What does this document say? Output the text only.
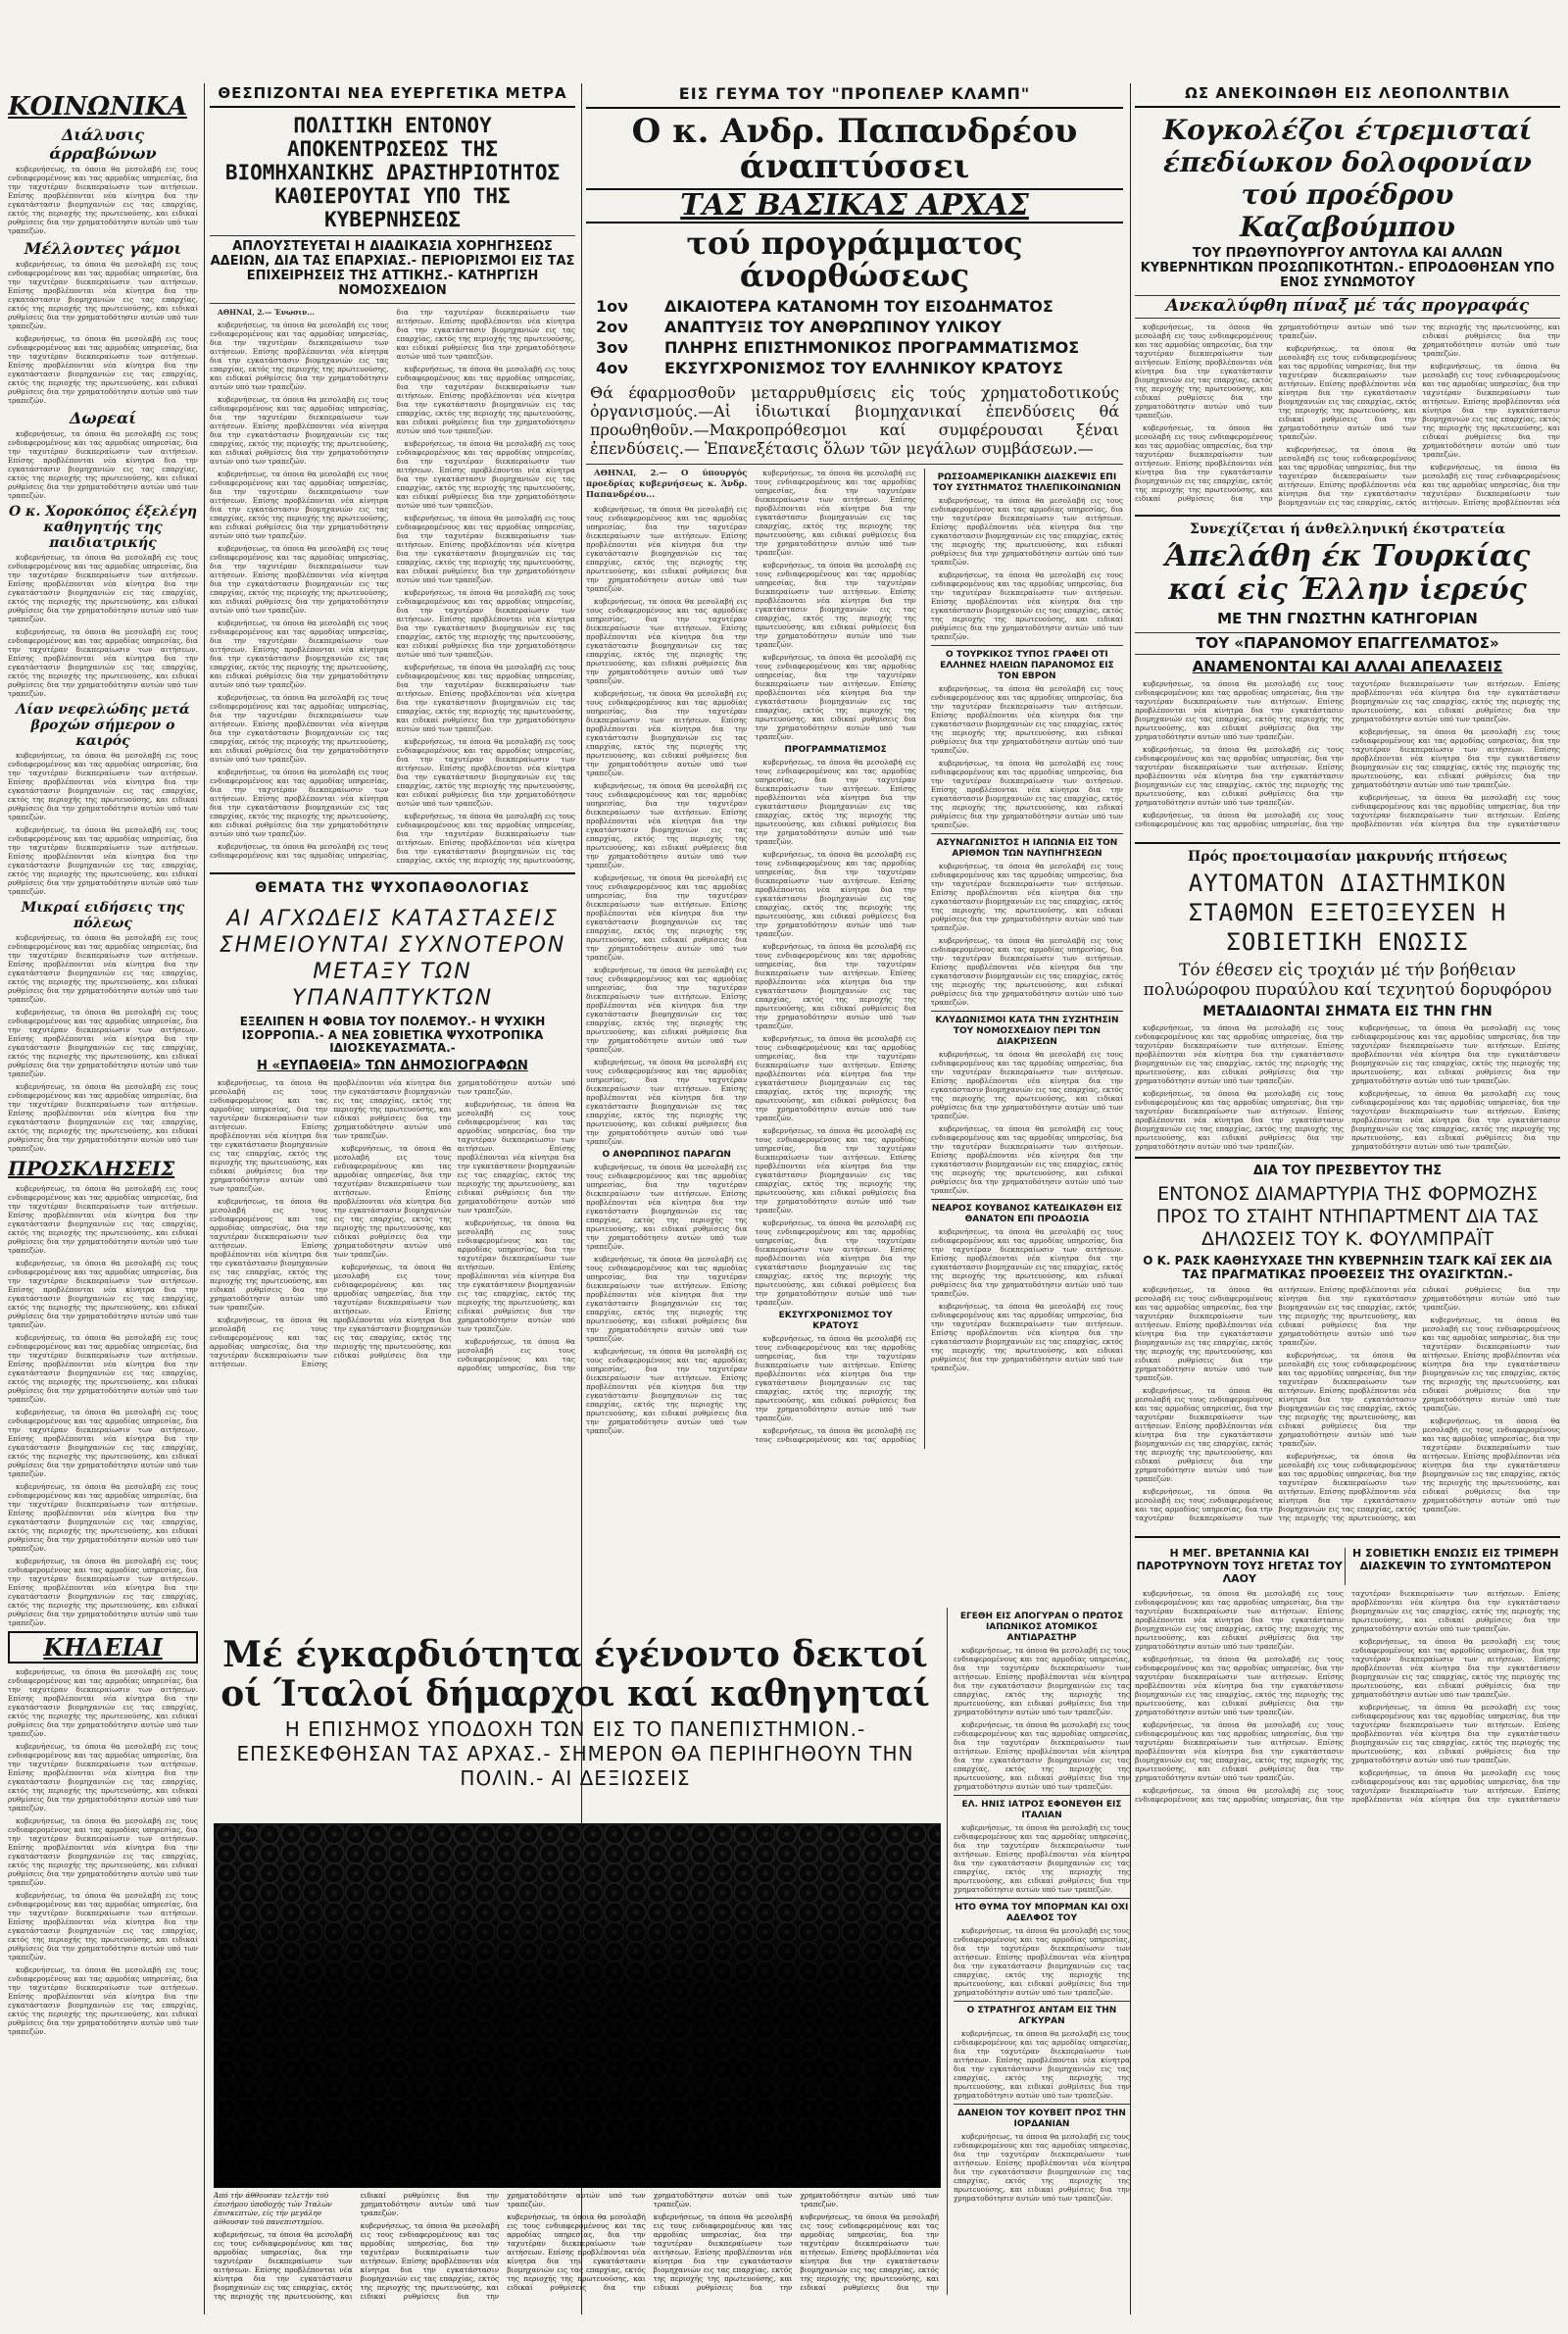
ΚΟΙΝΩΝΙΚΑ
Διάλυσις άρραβώνων

κυβερνήσεως, τα όποια θα μεσολαβή εις τους ενδιαφερομένους και τας αρμοδίας υπηρεσίας, δια την ταχυτέραν διεκπεραίωσιν των αιτήσεων. Επίσης προβλέπονται νέα κίνητρα δια την εγκατάστασιν βιομηχανιών εις τας επαρχίας, εκτός της περιοχής της πρωτευούσης, και ειδικαί ρυθμίσεις δια την χρηματοδότησιν αυτών υπό των τραπεζών.

Μέλλοντες γάμοι

κυβερνήσεως, τα όποια θα μεσολαβή εις τους ενδιαφερομένους και τας αρμοδίας υπηρεσίας, δια την ταχυτέραν διεκπεραίωσιν των αιτήσεων. Επίσης προβλέπονται νέα κίνητρα δια την εγκατάστασιν βιομηχανιών εις τας επαρχίας, εκτός της περιοχής της πρωτευούσης, και ειδικαί ρυθμίσεις δια την χρηματοδότησιν αυτών υπό των τραπεζών.

κυβερνήσεως, τα όποια θα μεσολαβή εις τους ενδιαφερομένους και τας αρμοδίας υπηρεσίας, δια την ταχυτέραν διεκπεραίωσιν των αιτήσεων. Επίσης προβλέπονται νέα κίνητρα δια την εγκατάστασιν βιομηχανιών εις τας επαρχίας, εκτός της περιοχής της πρωτευούσης, και ειδικαί ρυθμίσεις δια την χρηματοδότησιν αυτών υπό των τραπεζών.

Δωρεαί

κυβερνήσεως, τα όποια θα μεσολαβή εις τους ενδιαφερομένους και τας αρμοδίας υπηρεσίας, δια την ταχυτέραν διεκπεραίωσιν των αιτήσεων. Επίσης προβλέπονται νέα κίνητρα δια την εγκατάστασιν βιομηχανιών εις τας επαρχίας, εκτός της περιοχής της πρωτευούσης, και ειδικαί ρυθμίσεις δια την χρηματοδότησιν αυτών υπό των τραπεζών.

Ο κ. Χοροκόπος έξελέγη καθηγητής της παιδιατρικής

κυβερνήσεως, τα όποια θα μεσολαβή εις τους ενδιαφερομένους και τας αρμοδίας υπηρεσίας, δια την ταχυτέραν διεκπεραίωσιν των αιτήσεων. Επίσης προβλέπονται νέα κίνητρα δια την εγκατάστασιν βιομηχανιών εις τας επαρχίας, εκτός της περιοχής της πρωτευούσης, και ειδικαί ρυθμίσεις δια την χρηματοδότησιν αυτών υπό των τραπεζών.

κυβερνήσεως, τα όποια θα μεσολαβή εις τους ενδιαφερομένους και τας αρμοδίας υπηρεσίας, δια την ταχυτέραν διεκπεραίωσιν των αιτήσεων. Επίσης προβλέπονται νέα κίνητρα δια την εγκατάστασιν βιομηχανιών εις τας επαρχίας, εκτός της περιοχής της πρωτευούσης, και ειδικαί ρυθμίσεις δια την χρηματοδότησιν αυτών υπό των τραπεζών.

Λίαν νεφελώδης μετά βροχών σήμερον ο καιρός

κυβερνήσεως, τα όποια θα μεσολαβή εις τους ενδιαφερομένους και τας αρμοδίας υπηρεσίας, δια την ταχυτέραν διεκπεραίωσιν των αιτήσεων. Επίσης προβλέπονται νέα κίνητρα δια την εγκατάστασιν βιομηχανιών εις τας επαρχίας, εκτός της περιοχής της πρωτευούσης, και ειδικαί ρυθμίσεις δια την χρηματοδότησιν αυτών υπό των τραπεζών.

κυβερνήσεως, τα όποια θα μεσολαβή εις τους ενδιαφερομένους και τας αρμοδίας υπηρεσίας, δια την ταχυτέραν διεκπεραίωσιν των αιτήσεων. Επίσης προβλέπονται νέα κίνητρα δια την εγκατάστασιν βιομηχανιών εις τας επαρχίας, εκτός της περιοχής της πρωτευούσης, και ειδικαί ρυθμίσεις δια την χρηματοδότησιν αυτών υπό των τραπεζών.

Μικραί ειδήσεις της πόλεως

κυβερνήσεως, τα όποια θα μεσολαβή εις τους ενδιαφερομένους και τας αρμοδίας υπηρεσίας, δια την ταχυτέραν διεκπεραίωσιν των αιτήσεων. Επίσης προβλέπονται νέα κίνητρα δια την εγκατάστασιν βιομηχανιών εις τας επαρχίας, εκτός της περιοχής της πρωτευούσης, και ειδικαί ρυθμίσεις δια την χρηματοδότησιν αυτών υπό των τραπεζών.

κυβερνήσεως, τα όποια θα μεσολαβή εις τους ενδιαφερομένους και τας αρμοδίας υπηρεσίας, δια την ταχυτέραν διεκπεραίωσιν των αιτήσεων. Επίσης προβλέπονται νέα κίνητρα δια την εγκατάστασιν βιομηχανιών εις τας επαρχίας, εκτός της περιοχής της πρωτευούσης, και ειδικαί ρυθμίσεις δια την χρηματοδότησιν αυτών υπό των τραπεζών.

κυβερνήσεως, τα όποια θα μεσολαβή εις τους ενδιαφερομένους και τας αρμοδίας υπηρεσίας, δια την ταχυτέραν διεκπεραίωσιν των αιτήσεων. Επίσης προβλέπονται νέα κίνητρα δια την εγκατάστασιν βιομηχανιών εις τας επαρχίας, εκτός της περιοχής της πρωτευούσης, και ειδικαί ρυθμίσεις δια την χρηματοδότησιν αυτών υπό των τραπεζών.

ΠΡΟΣΚΛΗΣΕΙΣ

κυβερνήσεως, τα όποια θα μεσολαβή εις τους ενδιαφερομένους και τας αρμοδίας υπηρεσίας, δια την ταχυτέραν διεκπεραίωσιν των αιτήσεων. Επίσης προβλέπονται νέα κίνητρα δια την εγκατάστασιν βιομηχανιών εις τας επαρχίας, εκτός της περιοχής της πρωτευούσης, και ειδικαί ρυθμίσεις δια την χρηματοδότησιν αυτών υπό των τραπεζών.

κυβερνήσεως, τα όποια θα μεσολαβή εις τους ενδιαφερομένους και τας αρμοδίας υπηρεσίας, δια την ταχυτέραν διεκπεραίωσιν των αιτήσεων. Επίσης προβλέπονται νέα κίνητρα δια την εγκατάστασιν βιομηχανιών εις τας επαρχίας, εκτός της περιοχής της πρωτευούσης, και ειδικαί ρυθμίσεις δια την χρηματοδότησιν αυτών υπό των τραπεζών.

κυβερνήσεως, τα όποια θα μεσολαβή εις τους ενδιαφερομένους και τας αρμοδίας υπηρεσίας, δια την ταχυτέραν διεκπεραίωσιν των αιτήσεων. Επίσης προβλέπονται νέα κίνητρα δια την εγκατάστασιν βιομηχανιών εις τας επαρχίας, εκτός της περιοχής της πρωτευούσης, και ειδικαί ρυθμίσεις δια την χρηματοδότησιν αυτών υπό των τραπεζών.

κυβερνήσεως, τα όποια θα μεσολαβή εις τους ενδιαφερομένους και τας αρμοδίας υπηρεσίας, δια την ταχυτέραν διεκπεραίωσιν των αιτήσεων. Επίσης προβλέπονται νέα κίνητρα δια την εγκατάστασιν βιομηχανιών εις τας επαρχίας, εκτός της περιοχής της πρωτευούσης, και ειδικαί ρυθμίσεις δια την χρηματοδότησιν αυτών υπό των τραπεζών.

κυβερνήσεως, τα όποια θα μεσολαβή εις τους ενδιαφερομένους και τας αρμοδίας υπηρεσίας, δια την ταχυτέραν διεκπεραίωσιν των αιτήσεων. Επίσης προβλέπονται νέα κίνητρα δια την εγκατάστασιν βιομηχανιών εις τας επαρχίας, εκτός της περιοχής της πρωτευούσης, και ειδικαί ρυθμίσεις δια την χρηματοδότησιν αυτών υπό των τραπεζών.

κυβερνήσεως, τα όποια θα μεσολαβή εις τους ενδιαφερομένους και τας αρμοδίας υπηρεσίας, δια την ταχυτέραν διεκπεραίωσιν των αιτήσεων. Επίσης προβλέπονται νέα κίνητρα δια την εγκατάστασιν βιομηχανιών εις τας επαρχίας, εκτός της περιοχής της πρωτευούσης, και ειδικαί ρυθμίσεις δια την χρηματοδότησιν αυτών υπό των τραπεζών.

ΚΗΔΕΙΑΙ

κυβερνήσεως, τα όποια θα μεσολαβή εις τους ενδιαφερομένους και τας αρμοδίας υπηρεσίας, δια την ταχυτέραν διεκπεραίωσιν των αιτήσεων. Επίσης προβλέπονται νέα κίνητρα δια την εγκατάστασιν βιομηχανιών εις τας επαρχίας, εκτός της περιοχής της πρωτευούσης, και ειδικαί ρυθμίσεις δια την χρηματοδότησιν αυτών υπό των τραπεζών.

κυβερνήσεως, τα όποια θα μεσολαβή εις τους ενδιαφερομένους και τας αρμοδίας υπηρεσίας, δια την ταχυτέραν διεκπεραίωσιν των αιτήσεων. Επίσης προβλέπονται νέα κίνητρα δια την εγκατάστασιν βιομηχανιών εις τας επαρχίας, εκτός της περιοχής της πρωτευούσης, και ειδικαί ρυθμίσεις δια την χρηματοδότησιν αυτών υπό των τραπεζών.

κυβερνήσεως, τα όποια θα μεσολαβή εις τους ενδιαφερομένους και τας αρμοδίας υπηρεσίας, δια την ταχυτέραν διεκπεραίωσιν των αιτήσεων. Επίσης προβλέπονται νέα κίνητρα δια την εγκατάστασιν βιομηχανιών εις τας επαρχίας, εκτός της περιοχής της πρωτευούσης, και ειδικαί ρυθμίσεις δια την χρηματοδότησιν αυτών υπό των τραπεζών.

κυβερνήσεως, τα όποια θα μεσολαβή εις τους ενδιαφερομένους και τας αρμοδίας υπηρεσίας, δια την ταχυτέραν διεκπεραίωσιν των αιτήσεων. Επίσης προβλέπονται νέα κίνητρα δια την εγκατάστασιν βιομηχανιών εις τας επαρχίας, εκτός της περιοχής της πρωτευούσης, και ειδικαί ρυθμίσεις δια την χρηματοδότησιν αυτών υπό των τραπεζών.

κυβερνήσεως, τα όποια θα μεσολαβή εις τους ενδιαφερομένους και τας αρμοδίας υπηρεσίας, δια την ταχυτέραν διεκπεραίωσιν των αιτήσεων. Επίσης προβλέπονται νέα κίνητρα δια την εγκατάστασιν βιομηχανιών εις τας επαρχίας, εκτός της περιοχής της πρωτευούσης, και ειδικαί ρυθμίσεις δια την χρηματοδότησιν αυτών υπό των τραπεζών.

ΘΕΣΠΙΖΟΝΤΑΙ ΝΕΑ ΕΥΕΡΓΕΤΙΚΑ ΜΕΤΡΑ
ΠΟΛΙΤΙΚΗ ΕΝΤΟΝΟΥ ΑΠΟΚΕΝΤΡΩΣΕΩΣ ΤΗΣ ΒΙΟΜΗΧΑΝΙΚΗΣ ΔΡΑΣΤΗΡΙΟΤΗΤΟΣ ΚΑΘΙΕΡΟΥΤΑΙ ΥΠΟ ΤΗΣ ΚΥΒΕΡΝΗΣΕΩΣ
ΑΠΛΟΥΣΤΕΥΕΤΑΙ Η ΔΙΑΔΙΚΑΣΙΑ ΧΟΡΗΓΗΣΕΩΣ ΑΔΕΙΩΝ, ΔΙΑ ΤΑΣ ΕΠΑΡΧΙΑΣ.- ΠΕΡΙΟΡΙΣΜΟΙ ΕΙΣ ΤΑΣ ΕΠΙΧΕΙΡΗΣΕΙΣ ΤΗΣ ΑΤΤΙΚΗΣ.- ΚΑΤΗΡΓΙΣΗ ΝΟΜΟΣΧΕΔΙΟΝ

ΑΘΗΝΑΙ, 2.— Ένωσιν...

κυβερνήσεως, τα όποια θα μεσολαβή εις τους ενδιαφερομένους και τας αρμοδίας υπηρεσίας, δια την ταχυτέραν διεκπεραίωσιν των αιτήσεων. Επίσης προβλέπονται νέα κίνητρα δια την εγκατάστασιν βιομηχανιών εις τας επαρχίας, εκτός της περιοχής της πρωτευούσης, και ειδικαί ρυθμίσεις δια την χρηματοδότησιν αυτών υπό των τραπεζών.

κυβερνήσεως, τα όποια θα μεσολαβή εις τους ενδιαφερομένους και τας αρμοδίας υπηρεσίας, δια την ταχυτέραν διεκπεραίωσιν των αιτήσεων. Επίσης προβλέπονται νέα κίνητρα δια την εγκατάστασιν βιομηχανιών εις τας επαρχίας, εκτός της περιοχής της πρωτευούσης, και ειδικαί ρυθμίσεις δια την χρηματοδότησιν αυτών υπό των τραπεζών.

κυβερνήσεως, τα όποια θα μεσολαβή εις τους ενδιαφερομένους και τας αρμοδίας υπηρεσίας, δια την ταχυτέραν διεκπεραίωσιν των αιτήσεων. Επίσης προβλέπονται νέα κίνητρα δια την εγκατάστασιν βιομηχανιών εις τας επαρχίας, εκτός της περιοχής της πρωτευούσης, και ειδικαί ρυθμίσεις δια την χρηματοδότησιν αυτών υπό των τραπεζών.

κυβερνήσεως, τα όποια θα μεσολαβή εις τους ενδιαφερομένους και τας αρμοδίας υπηρεσίας, δια την ταχυτέραν διεκπεραίωσιν των αιτήσεων. Επίσης προβλέπονται νέα κίνητρα δια την εγκατάστασιν βιομηχανιών εις τας επαρχίας, εκτός της περιοχής της πρωτευούσης, και ειδικαί ρυθμίσεις δια την χρηματοδότησιν αυτών υπό των τραπεζών.

κυβερνήσεως, τα όποια θα μεσολαβή εις τους ενδιαφερομένους και τας αρμοδίας υπηρεσίας, δια την ταχυτέραν διεκπεραίωσιν των αιτήσεων. Επίσης προβλέπονται νέα κίνητρα δια την εγκατάστασιν βιομηχανιών εις τας επαρχίας, εκτός της περιοχής της πρωτευούσης, και ειδικαί ρυθμίσεις δια την χρηματοδότησιν αυτών υπό των τραπεζών.

κυβερνήσεως, τα όποια θα μεσολαβή εις τους ενδιαφερομένους και τας αρμοδίας υπηρεσίας, δια την ταχυτέραν διεκπεραίωσιν των αιτήσεων. Επίσης προβλέπονται νέα κίνητρα δια την εγκατάστασιν βιομηχανιών εις τας επαρχίας, εκτός της περιοχής της πρωτευούσης, και ειδικαί ρυθμίσεις δια την χρηματοδότησιν αυτών υπό των τραπεζών.

κυβερνήσεως, τα όποια θα μεσολαβή εις τους ενδιαφερομένους και τας αρμοδίας υπηρεσίας, δια την ταχυτέραν διεκπεραίωσιν των αιτήσεων. Επίσης προβλέπονται νέα κίνητρα δια την εγκατάστασιν βιομηχανιών εις τας επαρχίας, εκτός της περιοχής της πρωτευούσης, και ειδικαί ρυθμίσεις δια την χρηματοδότησιν αυτών υπό των τραπεζών.

κυβερνήσεως, τα όποια θα μεσολαβή εις τους ενδιαφερομένους και τας αρμοδίας υπηρεσίας, δια την ταχυτέραν διεκπεραίωσιν των αιτήσεων. Επίσης προβλέπονται νέα κίνητρα δια την εγκατάστασιν βιομηχανιών εις τας επαρχίας, εκτός της περιοχής της πρωτευούσης, και ειδικαί ρυθμίσεις δια την χρηματοδότησιν αυτών υπό των τραπεζών.

κυβερνήσεως, τα όποια θα μεσολαβή εις τους ενδιαφερομένους και τας αρμοδίας υπηρεσίας, δια την ταχυτέραν διεκπεραίωσιν των αιτήσεων. Επίσης προβλέπονται νέα κίνητρα δια την εγκατάστασιν βιομηχανιών εις τας επαρχίας, εκτός της περιοχής της πρωτευούσης, και ειδικαί ρυθμίσεις δια την χρηματοδότησιν αυτών υπό των τραπεζών.

κυβερνήσεως, τα όποια θα μεσολαβή εις τους ενδιαφερομένους και τας αρμοδίας υπηρεσίας, δια την ταχυτέραν διεκπεραίωσιν των αιτήσεων. Επίσης προβλέπονται νέα κίνητρα δια την εγκατάστασιν βιομηχανιών εις τας επαρχίας, εκτός της περιοχής της πρωτευούσης, και ειδικαί ρυθμίσεις δια την χρηματοδότησιν αυτών υπό των τραπεζών.

κυβερνήσεως, τα όποια θα μεσολαβή εις τους ενδιαφερομένους και τας αρμοδίας υπηρεσίας, δια την ταχυτέραν διεκπεραίωσιν των αιτήσεων. Επίσης προβλέπονται νέα κίνητρα δια την εγκατάστασιν βιομηχανιών εις τας επαρχίας, εκτός της περιοχής της πρωτευούσης, και ειδικαί ρυθμίσεις δια την χρηματοδότησιν αυτών υπό των τραπεζών.

κυβερνήσεως, τα όποια θα μεσολαβή εις τους ενδιαφερομένους και τας αρμοδίας υπηρεσίας, δια την ταχυτέραν διεκπεραίωσιν των αιτήσεων. Επίσης προβλέπονται νέα κίνητρα δια την εγκατάστασιν βιομηχανιών εις τας επαρχίας, εκτός της περιοχής της πρωτευούσης, και ειδικαί ρυθμίσεις δια την χρηματοδότησιν αυτών υπό των τραπεζών.

κυβερνήσεως, τα όποια θα μεσολαβή εις τους ενδιαφερομένους και τας αρμοδίας υπηρεσίας, δια την ταχυτέραν διεκπεραίωσιν των αιτήσεων. Επίσης προβλέπονται νέα κίνητρα δια την εγκατάστασιν βιομηχανιών εις τας επαρχίας, εκτός της περιοχής της πρωτευούσης, και ειδικαί ρυθμίσεις δια την χρηματοδότησιν αυτών υπό των τραπεζών.

κυβερνήσεως, τα όποια θα μεσολαβή εις τους ενδιαφερομένους και τας αρμοδίας υπηρεσίας, δια την ταχυτέραν διεκπεραίωσιν των αιτήσεων. Επίσης προβλέπονται νέα κίνητρα δια την εγκατάστασιν βιομηχανιών εις τας επαρχίας, εκτός της περιοχής της πρωτευούσης, και ειδικαί ρυθμίσεις δια την χρηματοδότησιν αυτών υπό των τραπεζών.

κυβερνήσεως, τα όποια θα μεσολαβή εις τους ενδιαφερομένους και τας αρμοδίας υπηρεσίας, δια την ταχυτέραν διεκπεραίωσιν των αιτήσεων. Επίσης προβλέπονται νέα κίνητρα δια την εγκατάστασιν βιομηχανιών εις τας επαρχίας, εκτός της περιοχής της πρωτευούσης,

ΘΕΜΑΤΑ ΤΗΣ ΨΥΧΟΠΑΘΟΛΟΓΙΑΣ
ΑΙ ΑΓΧΩΔΕΙΣ ΚΑΤΑΣΤΑΣΕΙΣ ΣΗΜΕΙΟΥΝΤΑΙ ΣΥΧΝΟΤΕΡΟΝ ΜΕΤΑΞΥ ΤΩΝ ΥΠΑΝΑΠΤΥΚΤΩΝ
ΕΞΕΛΙΠΕΝ Η ΦΟΒΙΑ ΤΟΥ ΠΟΛΕΜΟΥ.- Η ΨΥΧΙΚΗ ΙΣΟΡΡΟΠΙΑ.- Α ΝΕΑ ΣΟΒΙΕΤΙΚΑ ΨΥΧΟΤΡΟΠΙΚΑ ΙΔΙΟΣΚΕΥΑΣΜΑΤΑ.-
Η «ΕΥΠΑΘΕΙΑ» ΤΩΝ ΔΗΜΟΣΙΟΓΡΑΦΩΝ

κυβερνήσεως, τα όποια θα μεσολαβή εις τους ενδιαφερομένους και τας αρμοδίας υπηρεσίας, δια την ταχυτέραν διεκπεραίωσιν των αιτήσεων. Επίσης προβλέπονται νέα κίνητρα δια την εγκατάστασιν βιομηχανιών εις τας επαρχίας, εκτός της περιοχής της πρωτευούσης, και ειδικαί ρυθμίσεις δια την χρηματοδότησιν αυτών υπό των τραπεζών.

κυβερνήσεως, τα όποια θα μεσολαβή εις τους ενδιαφερομένους και τας αρμοδίας υπηρεσίας, δια την ταχυτέραν διεκπεραίωσιν των αιτήσεων. Επίσης προβλέπονται νέα κίνητρα δια την εγκατάστασιν βιομηχανιών εις τας επαρχίας, εκτός της περιοχής της πρωτευούσης, και ειδικαί ρυθμίσεις δια την χρηματοδότησιν αυτών υπό των τραπεζών.

κυβερνήσεως, τα όποια θα μεσολαβή εις τους ενδιαφερομένους και τας αρμοδίας υπηρεσίας, δια την ταχυτέραν διεκπεραίωσιν των αιτήσεων. Επίσης προβλέπονται νέα κίνητρα δια την εγκατάστασιν βιομηχανιών εις τας επαρχίας, εκτός της περιοχής της πρωτευούσης, και ειδικαί ρυθμίσεις δια την χρηματοδότησιν αυτών υπό των τραπεζών.

κυβερνήσεως, τα όποια θα μεσολαβή εις τους ενδιαφερομένους και τας αρμοδίας υπηρεσίας, δια την ταχυτέραν διεκπεραίωσιν των αιτήσεων. Επίσης προβλέπονται νέα κίνητρα δια την εγκατάστασιν βιομηχανιών εις τας επαρχίας, εκτός της περιοχής της πρωτευούσης, και ειδικαί ρυθμίσεις δια την χρηματοδότησιν αυτών υπό των τραπεζών.

κυβερνήσεως, τα όποια θα μεσολαβή εις τους ενδιαφερομένους και τας αρμοδίας υπηρεσίας, δια την ταχυτέραν διεκπεραίωσιν των αιτήσεων. Επίσης προβλέπονται νέα κίνητρα δια την εγκατάστασιν βιομηχανιών εις τας επαρχίας, εκτός της περιοχής της πρωτευούσης, και ειδικαί ρυθμίσεις δια την χρηματοδότησιν αυτών υπό των τραπεζών.

κυβερνήσεως, τα όποια θα μεσολαβή εις τους ενδιαφερομένους και τας αρμοδίας υπηρεσίας, δια την ταχυτέραν διεκπεραίωσιν των αιτήσεων. Επίσης προβλέπονται νέα κίνητρα δια την εγκατάστασιν βιομηχανιών εις τας επαρχίας, εκτός της περιοχής της πρωτευούσης, και ειδικαί ρυθμίσεις δια την χρηματοδότησιν αυτών υπό των τραπεζών.

κυβερνήσεως, τα όποια θα μεσολαβή εις τους ενδιαφερομένους και τας αρμοδίας υπηρεσίας, δια την ταχυτέραν διεκπεραίωσιν των αιτήσεων. Επίσης προβλέπονται νέα κίνητρα δια την εγκατάστασιν βιομηχανιών εις τας επαρχίας, εκτός της περιοχής της πρωτευούσης, και ειδικαί ρυθμίσεις δια την χρηματοδότησιν αυτών υπό των τραπεζών.

κυβερνήσεως, τα όποια θα μεσολαβή εις τους ενδιαφερομένους και τας αρμοδίας υπηρεσίας, δια την

ΕΙΣ ΓΕΥΜΑ ΤΟΥ "ΠΡΟΠΕΛΕΡ ΚΛΑΜΠ"
Ο κ. Ανδρ. Παπανδρέου άναπτύσσει
ΤΑΣ ΒΑΣΙΚΑΣ ΑΡΧΑΣ
τού προγράμματος άνορθώσεως
1ον	ΔΙΚΑΙΟΤΕΡΑ ΚΑΤΑΝΟΜΗ ΤΟΥ ΕΙΣΟΔΗΜΑΤΟΣ
2ον	ΑΝΑΠΤΥΞΙΣ ΤΟΥ ΑΝΘΡΩΠΙΝΟΥ ΥΛΙΚΟΥ
3ον	ΠΛΗΡΗΣ ΕΠΙΣΤΗΜΟΝΙΚΟΣ ΠΡΟΓΡΑΜΜΑΤΙΣΜΟΣ
4ον	ΕΚΣΥΓΧΡΟΝΙΣΜΟΣ ΤΟΥ ΕΛΛΗΝΙΚΟΥ ΚΡΑΤΟΥΣ
Θά έφαρμοσθοῦν μεταρρυθμίσεις εἰς τούς χρηματοδοτικούς ὀργανισμούς.—Αἱ ἰδιωτικαί βιομηχανικαί ἐπενδύσεις θά προωθηθοῦν.—Μακροπρόθεσμοι καί συμφέρουσαι ξέναι ἐπενδύσεις.— Ἐπανεξέτασις ὅλων τῶν μεγάλων συμβάσεων.—

ΑΘΗΝΑΙ, 2.— Ο ύπουργός προεδρίας κυβερνήσεως κ. Άνδρ. Παπανδρέου...

κυβερνήσεως, τα όποια θα μεσολαβή εις τους ενδιαφερομένους και τας αρμοδίας υπηρεσίας, δια την ταχυτέραν διεκπεραίωσιν των αιτήσεων. Επίσης προβλέπονται νέα κίνητρα δια την εγκατάστασιν βιομηχανιών εις τας επαρχίας, εκτός της περιοχής της πρωτευούσης, και ειδικαί ρυθμίσεις δια την χρηματοδότησιν αυτών υπό των τραπεζών.

κυβερνήσεως, τα όποια θα μεσολαβή εις τους ενδιαφερομένους και τας αρμοδίας υπηρεσίας, δια την ταχυτέραν διεκπεραίωσιν των αιτήσεων. Επίσης προβλέπονται νέα κίνητρα δια την εγκατάστασιν βιομηχανιών εις τας επαρχίας, εκτός της περιοχής της πρωτευούσης, και ειδικαί ρυθμίσεις δια την χρηματοδότησιν αυτών υπό των τραπεζών.

κυβερνήσεως, τα όποια θα μεσολαβή εις τους ενδιαφερομένους και τας αρμοδίας υπηρεσίας, δια την ταχυτέραν διεκπεραίωσιν των αιτήσεων. Επίσης προβλέπονται νέα κίνητρα δια την εγκατάστασιν βιομηχανιών εις τας επαρχίας, εκτός της περιοχής της πρωτευούσης, και ειδικαί ρυθμίσεις δια την χρηματοδότησιν αυτών υπό των τραπεζών.

κυβερνήσεως, τα όποια θα μεσολαβή εις τους ενδιαφερομένους και τας αρμοδίας υπηρεσίας, δια την ταχυτέραν διεκπεραίωσιν των αιτήσεων. Επίσης προβλέπονται νέα κίνητρα δια την εγκατάστασιν βιομηχανιών εις τας επαρχίας, εκτός της περιοχής της πρωτευούσης, και ειδικαί ρυθμίσεις δια την χρηματοδότησιν αυτών υπό των τραπεζών.

κυβερνήσεως, τα όποια θα μεσολαβή εις τους ενδιαφερομένους και τας αρμοδίας υπηρεσίας, δια την ταχυτέραν διεκπεραίωσιν των αιτήσεων. Επίσης προβλέπονται νέα κίνητρα δια την εγκατάστασιν βιομηχανιών εις τας επαρχίας, εκτός της περιοχής της πρωτευούσης, και ειδικαί ρυθμίσεις δια την χρηματοδότησιν αυτών υπό των τραπεζών.

κυβερνήσεως, τα όποια θα μεσολαβή εις τους ενδιαφερομένους και τας αρμοδίας υπηρεσίας, δια την ταχυτέραν διεκπεραίωσιν των αιτήσεων. Επίσης προβλέπονται νέα κίνητρα δια την εγκατάστασιν βιομηχανιών εις τας επαρχίας, εκτός της περιοχής της πρωτευούσης, και ειδικαί ρυθμίσεις δια την χρηματοδότησιν αυτών υπό των τραπεζών.

κυβερνήσεως, τα όποια θα μεσολαβή εις τους ενδιαφερομένους και τας αρμοδίας υπηρεσίας, δια την ταχυτέραν διεκπεραίωσιν των αιτήσεων. Επίσης προβλέπονται νέα κίνητρα δια την εγκατάστασιν βιομηχανιών εις τας επαρχίας, εκτός της περιοχής της πρωτευούσης, και ειδικαί ρυθμίσεις δια την χρηματοδότησιν αυτών υπό των τραπεζών.

Ο ΑΝΘΡΩΠΙΝΟΣ ΠΑΡΑΓΩΝ

κυβερνήσεως, τα όποια θα μεσολαβή εις τους ενδιαφερομένους και τας αρμοδίας υπηρεσίας, δια την ταχυτέραν διεκπεραίωσιν των αιτήσεων. Επίσης προβλέπονται νέα κίνητρα δια την εγκατάστασιν βιομηχανιών εις τας επαρχίας, εκτός της περιοχής της πρωτευούσης, και ειδικαί ρυθμίσεις δια την χρηματοδότησιν αυτών υπό των τραπεζών.

κυβερνήσεως, τα όποια θα μεσολαβή εις τους ενδιαφερομένους και τας αρμοδίας υπηρεσίας, δια την ταχυτέραν διεκπεραίωσιν των αιτήσεων. Επίσης προβλέπονται νέα κίνητρα δια την εγκατάστασιν βιομηχανιών εις τας επαρχίας, εκτός της περιοχής της πρωτευούσης, και ειδικαί ρυθμίσεις δια την χρηματοδότησιν αυτών υπό των τραπεζών.

κυβερνήσεως, τα όποια θα μεσολαβή εις τους ενδιαφερομένους και τας αρμοδίας υπηρεσίας, δια την ταχυτέραν διεκπεραίωσιν των αιτήσεων. Επίσης προβλέπονται νέα κίνητρα δια την εγκατάστασιν βιομηχανιών εις τας επαρχίας, εκτός της περιοχής της πρωτευούσης, και ειδικαί ρυθμίσεις δια την χρηματοδότησιν αυτών υπό των τραπεζών.

κυβερνήσεως, τα όποια θα μεσολαβή εις τους ενδιαφερομένους και τας αρμοδίας υπηρεσίας, δια την ταχυτέραν διεκπεραίωσιν των αιτήσεων. Επίσης προβλέπονται νέα κίνητρα δια την εγκατάστασιν βιομηχανιών εις τας επαρχίας, εκτός της περιοχής της πρωτευούσης, και ειδικαί ρυθμίσεις δια την χρηματοδότησιν αυτών υπό των τραπεζών.

κυβερνήσεως, τα όποια θα μεσολαβή εις τους ενδιαφερομένους και τας αρμοδίας υπηρεσίας, δια την ταχυτέραν διεκπεραίωσιν των αιτήσεων. Επίσης προβλέπονται νέα κίνητρα δια την εγκατάστασιν βιομηχανιών εις τας επαρχίας, εκτός της περιοχής της πρωτευούσης, και ειδικαί ρυθμίσεις δια την χρηματοδότησιν αυτών υπό των τραπεζών.

κυβερνήσεως, τα όποια θα μεσολαβή εις τους ενδιαφερομένους και τας αρμοδίας υπηρεσίας, δια την ταχυτέραν διεκπεραίωσιν των αιτήσεων. Επίσης προβλέπονται νέα κίνητρα δια την εγκατάστασιν βιομηχανιών εις τας επαρχίας, εκτός της περιοχής της πρωτευούσης, και ειδικαί ρυθμίσεις δια την χρηματοδότησιν αυτών υπό των τραπεζών.

ΠΡΟΓΡΑΜΜΑΤΙΣΜΟΣ

κυβερνήσεως, τα όποια θα μεσολαβή εις τους ενδιαφερομένους και τας αρμοδίας υπηρεσίας, δια την ταχυτέραν διεκπεραίωσιν των αιτήσεων. Επίσης προβλέπονται νέα κίνητρα δια την εγκατάστασιν βιομηχανιών εις τας επαρχίας, εκτός της περιοχής της πρωτευούσης, και ειδικαί ρυθμίσεις δια την χρηματοδότησιν αυτών υπό των τραπεζών.

κυβερνήσεως, τα όποια θα μεσολαβή εις τους ενδιαφερομένους και τας αρμοδίας υπηρεσίας, δια την ταχυτέραν διεκπεραίωσιν των αιτήσεων. Επίσης προβλέπονται νέα κίνητρα δια την εγκατάστασιν βιομηχανιών εις τας επαρχίας, εκτός της περιοχής της πρωτευούσης, και ειδικαί ρυθμίσεις δια την χρηματοδότησιν αυτών υπό των τραπεζών.

κυβερνήσεως, τα όποια θα μεσολαβή εις τους ενδιαφερομένους και τας αρμοδίας υπηρεσίας, δια την ταχυτέραν διεκπεραίωσιν των αιτήσεων. Επίσης προβλέπονται νέα κίνητρα δια την εγκατάστασιν βιομηχανιών εις τας επαρχίας, εκτός της περιοχής της πρωτευούσης, και ειδικαί ρυθμίσεις δια την χρηματοδότησιν αυτών υπό των τραπεζών.

κυβερνήσεως, τα όποια θα μεσολαβή εις τους ενδιαφερομένους και τας αρμοδίας υπηρεσίας, δια την ταχυτέραν διεκπεραίωσιν των αιτήσεων. Επίσης προβλέπονται νέα κίνητρα δια την εγκατάστασιν βιομηχανιών εις τας επαρχίας, εκτός της περιοχής της πρωτευούσης, και ειδικαί ρυθμίσεις δια την χρηματοδότησιν αυτών υπό των τραπεζών.

κυβερνήσεως, τα όποια θα μεσολαβή εις τους ενδιαφερομένους και τας αρμοδίας υπηρεσίας, δια την ταχυτέραν διεκπεραίωσιν των αιτήσεων. Επίσης προβλέπονται νέα κίνητρα δια την εγκατάστασιν βιομηχανιών εις τας επαρχίας, εκτός της περιοχής της πρωτευούσης, και ειδικαί ρυθμίσεις δια την χρηματοδότησιν αυτών υπό των τραπεζών.

κυβερνήσεως, τα όποια θα μεσολαβή εις τους ενδιαφερομένους και τας αρμοδίας υπηρεσίας, δια την ταχυτέραν διεκπεραίωσιν των αιτήσεων. Επίσης προβλέπονται νέα κίνητρα δια την εγκατάστασιν βιομηχανιών εις τας επαρχίας, εκτός της περιοχής της πρωτευούσης, και ειδικαί ρυθμίσεις δια την χρηματοδότησιν αυτών υπό των τραπεζών.

ΕΚΣΥΓΧΡΟΝΙΣΜΟΣ ΤΟΥ ΚΡΑΤΟΥΣ

κυβερνήσεως, τα όποια θα μεσολαβή εις τους ενδιαφερομένους και τας αρμοδίας υπηρεσίας, δια την ταχυτέραν διεκπεραίωσιν των αιτήσεων. Επίσης προβλέπονται νέα κίνητρα δια την εγκατάστασιν βιομηχανιών εις τας επαρχίας, εκτός της περιοχής της πρωτευούσης, και ειδικαί ρυθμίσεις δια την χρηματοδότησιν αυτών υπό των τραπεζών.

κυβερνήσεως, τα όποια θα μεσολαβή εις τους ενδιαφερομένους και τας αρμοδίας

ΡΩΣΣΟΑΜΕΡΙΚΑΝΙΚΗ ΔΙΑΣΚΕΨΙΣ ΕΠΙ ΤΟΥ ΣΥΣΤΗΜΑΤΟΣ ΤΗΛΕΠΙΚΟΙΝΩΝΙΩΝ

κυβερνήσεως, τα όποια θα μεσολαβή εις τους ενδιαφερομένους και τας αρμοδίας υπηρεσίας, δια την ταχυτέραν διεκπεραίωσιν των αιτήσεων. Επίσης προβλέπονται νέα κίνητρα δια την εγκατάστασιν βιομηχανιών εις τας επαρχίας, εκτός της περιοχής της πρωτευούσης, και ειδικαί ρυθμίσεις δια την χρηματοδότησιν αυτών υπό των τραπεζών.

κυβερνήσεως, τα όποια θα μεσολαβή εις τους ενδιαφερομένους και τας αρμοδίας υπηρεσίας, δια την ταχυτέραν διεκπεραίωσιν των αιτήσεων. Επίσης προβλέπονται νέα κίνητρα δια την εγκατάστασιν βιομηχανιών εις τας επαρχίας, εκτός της περιοχής της πρωτευούσης, και ειδικαί ρυθμίσεις δια την χρηματοδότησιν αυτών υπό των τραπεζών.

Ο ΤΟΥΡΚΙΚΟΣ ΤΥΠΟΣ ΓΡΑΦΕΙ ΟΤΙ ΕΛΛΗΝΕΣ ΗΛΕΙΩΝ ΠΑΡΑΝΟΜΟΣ ΕΙΣ ΤΟΝ ΕΒΡΟΝ

κυβερνήσεως, τα όποια θα μεσολαβή εις τους ενδιαφερομένους και τας αρμοδίας υπηρεσίας, δια την ταχυτέραν διεκπεραίωσιν των αιτήσεων. Επίσης προβλέπονται νέα κίνητρα δια την εγκατάστασιν βιομηχανιών εις τας επαρχίας, εκτός της περιοχής της πρωτευούσης, και ειδικαί ρυθμίσεις δια την χρηματοδότησιν αυτών υπό των τραπεζών.

κυβερνήσεως, τα όποια θα μεσολαβή εις τους ενδιαφερομένους και τας αρμοδίας υπηρεσίας, δια την ταχυτέραν διεκπεραίωσιν των αιτήσεων. Επίσης προβλέπονται νέα κίνητρα δια την εγκατάστασιν βιομηχανιών εις τας επαρχίας, εκτός της περιοχής της πρωτευούσης, και ειδικαί ρυθμίσεις δια την χρηματοδότησιν αυτών υπό των τραπεζών.

ΑΣΥΝΑΓΩΝΙΣΤΟΣ Η ΙΑΠΩΝΙΑ ΕΙΣ ΤΟΝ ΑΡΙΘΜΟΝ ΤΩΝ ΝΑΥΠΗΓΗΣΕΩΝ

κυβερνήσεως, τα όποια θα μεσολαβή εις τους ενδιαφερομένους και τας αρμοδίας υπηρεσίας, δια την ταχυτέραν διεκπεραίωσιν των αιτήσεων. Επίσης προβλέπονται νέα κίνητρα δια την εγκατάστασιν βιομηχανιών εις τας επαρχίας, εκτός της περιοχής της πρωτευούσης, και ειδικαί ρυθμίσεις δια την χρηματοδότησιν αυτών υπό των τραπεζών.

κυβερνήσεως, τα όποια θα μεσολαβή εις τους ενδιαφερομένους και τας αρμοδίας υπηρεσίας, δια την ταχυτέραν διεκπεραίωσιν των αιτήσεων. Επίσης προβλέπονται νέα κίνητρα δια την εγκατάστασιν βιομηχανιών εις τας επαρχίας, εκτός της περιοχής της πρωτευούσης, και ειδικαί ρυθμίσεις δια την χρηματοδότησιν αυτών υπό των τραπεζών.

ΚΛΥΔΩΝΙΣΜΟΙ ΚΑΤΑ ΤΗΝ ΣΥΖΗΤΗΣΙΝ ΤΟΥ ΝΟΜΟΣΧΕΔΙΟΥ ΠΕΡΙ ΤΩΝ ΔΙΑΚΡΙΣΕΩΝ

κυβερνήσεως, τα όποια θα μεσολαβή εις τους ενδιαφερομένους και τας αρμοδίας υπηρεσίας, δια την ταχυτέραν διεκπεραίωσιν των αιτήσεων. Επίσης προβλέπονται νέα κίνητρα δια την εγκατάστασιν βιομηχανιών εις τας επαρχίας, εκτός της περιοχής της πρωτευούσης, και ειδικαί ρυθμίσεις δια την χρηματοδότησιν αυτών υπό των τραπεζών.

κυβερνήσεως, τα όποια θα μεσολαβή εις τους ενδιαφερομένους και τας αρμοδίας υπηρεσίας, δια την ταχυτέραν διεκπεραίωσιν των αιτήσεων. Επίσης προβλέπονται νέα κίνητρα δια την εγκατάστασιν βιομηχανιών εις τας επαρχίας, εκτός της περιοχής της πρωτευούσης, και ειδικαί ρυθμίσεις δια την χρηματοδότησιν αυτών υπό των τραπεζών.

ΝΕΑΡΟΣ ΚΟΥΒΑΝΟΣ ΚΑΤΕΔΙΚΑΣΘΗ ΕΙΣ ΘΑΝΑΤΟΝ ΕΠΙ ΠΡΟΔΟΣΙΑ

κυβερνήσεως, τα όποια θα μεσολαβή εις τους ενδιαφερομένους και τας αρμοδίας υπηρεσίας, δια την ταχυτέραν διεκπεραίωσιν των αιτήσεων. Επίσης προβλέπονται νέα κίνητρα δια την εγκατάστασιν βιομηχανιών εις τας επαρχίας, εκτός της περιοχής της πρωτευούσης, και ειδικαί ρυθμίσεις δια την χρηματοδότησιν αυτών υπό των τραπεζών.

κυβερνήσεως, τα όποια θα μεσολαβή εις τους ενδιαφερομένους και τας αρμοδίας υπηρεσίας, δια την ταχυτέραν διεκπεραίωσιν των αιτήσεων. Επίσης προβλέπονται νέα κίνητρα δια την εγκατάστασιν βιομηχανιών εις τας επαρχίας, εκτός της περιοχής της πρωτευούσης, και ειδικαί ρυθμίσεις δια την χρηματοδότησιν αυτών υπό των τραπεζών.

ΕΓΕΘΗ ΕΙΣ ΑΠΟΓΥΡΑΝ Ο ΠΡΩΤΟΣ ΙΑΠΩΝΙΚΟΣ ΑΤΟΜΙΚΟΣ ΑΝΤΙΔΡΑΣΤΗΡ

κυβερνήσεως, τα όποια θα μεσολαβή εις τους ενδιαφερομένους και τας αρμοδίας υπηρεσίας, δια την ταχυτέραν διεκπεραίωσιν των αιτήσεων. Επίσης προβλέπονται νέα κίνητρα δια την εγκατάστασιν βιομηχανιών εις τας επαρχίας, εκτός της περιοχής της πρωτευούσης, και ειδικαί ρυθμίσεις δια την χρηματοδότησιν αυτών υπό των τραπεζών.

κυβερνήσεως, τα όποια θα μεσολαβή εις τους ενδιαφερομένους και τας αρμοδίας υπηρεσίας, δια την ταχυτέραν διεκπεραίωσιν των αιτήσεων. Επίσης προβλέπονται νέα κίνητρα δια την εγκατάστασιν βιομηχανιών εις τας επαρχίας, εκτός της περιοχής της πρωτευούσης, και ειδικαί ρυθμίσεις δια την χρηματοδότησιν αυτών υπό των τραπεζών.

ΕΛ. ΗΝΙΣ ΙΑΤΡΟΣ ΕΦΟΝΕΥΘΗ ΕΙΣ ΙΤΑΛΙΑΝ

κυβερνήσεως, τα όποια θα μεσολαβή εις τους ενδιαφερομένους και τας αρμοδίας υπηρεσίας, δια την ταχυτέραν διεκπεραίωσιν των αιτήσεων. Επίσης προβλέπονται νέα κίνητρα δια την εγκατάστασιν βιομηχανιών εις τας επαρχίας, εκτός της περιοχής της πρωτευούσης, και ειδικαί ρυθμίσεις δια την χρηματοδότησιν αυτών υπό των τραπεζών.

ΗΤΟ ΘΥΜΑ ΤΟΥ ΜΠΟΡΜΑΝ ΚΑΙ ΟΧΙ ΑΔΕΛΦΟΣ ΤΟΥ

κυβερνήσεως, τα όποια θα μεσολαβή εις τους ενδιαφερομένους και τας αρμοδίας υπηρεσίας, δια την ταχυτέραν διεκπεραίωσιν των αιτήσεων. Επίσης προβλέπονται νέα κίνητρα δια την εγκατάστασιν βιομηχανιών εις τας επαρχίας, εκτός της περιοχής της πρωτευούσης, και ειδικαί ρυθμίσεις δια την χρηματοδότησιν αυτών υπό των τραπεζών.

Ο ΣΤΡΑΤΗΓΟΣ ΑΝΤΑΜ ΕΙΣ ΤΗΝ ΑΓΚΥΡΑΝ

κυβερνήσεως, τα όποια θα μεσολαβή εις τους ενδιαφερομένους και τας αρμοδίας υπηρεσίας, δια την ταχυτέραν διεκπεραίωσιν των αιτήσεων. Επίσης προβλέπονται νέα κίνητρα δια την εγκατάστασιν βιομηχανιών εις τας επαρχίας, εκτός της περιοχής της πρωτευούσης, και ειδικαί ρυθμίσεις δια την χρηματοδότησιν αυτών υπό των τραπεζών.

ΔΑΝΕΙΟΝ ΤΟΥ ΚΟΥΒΕΙΤ ΠΡΟΣ ΤΗΝ ΙΟΡΔΑΝΙΑΝ

κυβερνήσεως, τα όποια θα μεσολαβή εις τους ενδιαφερομένους και τας αρμοδίας υπηρεσίας, δια την ταχυτέραν διεκπεραίωσιν των αιτήσεων. Επίσης προβλέπονται νέα κίνητρα δια την εγκατάστασιν βιομηχανιών εις τας επαρχίας, εκτός της περιοχής της πρωτευούσης, και ειδικαί ρυθμίσεις δια την χρηματοδότησιν αυτών υπό των τραπεζών.

Μέ έγκαρδιότητα έγένοντο δεκτοί
οί Ίταλοί δήμαρχοι καί καθηγηταί
Η ΕΠΙΣΗΜΟΣ ΥΠΟΔΟΧΗ ΤΩΝ ΕΙΣ ΤΟ ΠΑΝΕΠΙΣΤΗΜΙΟΝ.- ΕΠΕΣΚΕΦΘΗΣΑΝ ΤΑΣ ΑΡΧΑΣ.- ΣΗΜΕΡΟΝ ΘΑ ΠΕΡΙΗΓΗΘΟΥΝ ΤΗΝ ΠΟΛΙΝ.- ΑΙ ΔΕΞΙΩΣΕΙΣ

Άπό τήν άθθουσαν τελετήν τού έπισήμου ύποδοχής τών Ίταλών έπισκεπτών, είς τήν μεγάλην αίθουσαν τού πανεπιστημίου.

κυβερνήσεως, τα όποια θα μεσολαβή εις τους ενδιαφερομένους και τας αρμοδίας υπηρεσίας, δια την ταχυτέραν διεκπεραίωσιν των αιτήσεων. Επίσης προβλέπονται νέα κίνητρα δια την εγκατάστασιν βιομηχανιών εις τας επαρχίας, εκτός της περιοχής της πρωτευούσης, και ειδικαί ρυθμίσεις δια την χρηματοδότησιν αυτών υπό των τραπεζών.

κυβερνήσεως, τα όποια θα μεσολαβή εις τους ενδιαφερομένους και τας αρμοδίας υπηρεσίας, δια την ταχυτέραν διεκπεραίωσιν των αιτήσεων. Επίσης προβλέπονται νέα κίνητρα δια την εγκατάστασιν βιομηχανιών εις τας επαρχίας, εκτός της περιοχής της πρωτευούσης, και ειδικαί ρυθμίσεις δια την χρηματοδότησιν αυτών υπό των τραπεζών.

κυβερνήσεως, τα όποια θα μεσολαβή εις τους ενδιαφερομένους και τας αρμοδίας υπηρεσίας, δια την ταχυτέραν διεκπεραίωσιν των αιτήσεων. Επίσης προβλέπονται νέα κίνητρα δια την εγκατάστασιν βιομηχανιών εις τας επαρχίας, εκτός της περιοχής της πρωτευούσης, και ειδικαί ρυθμίσεις δια την χρηματοδότησιν αυτών υπό των τραπεζών.

κυβερνήσεως, τα όποια θα μεσολαβή εις τους ενδιαφερομένους και τας αρμοδίας υπηρεσίας, δια την ταχυτέραν διεκπεραίωσιν των αιτήσεων. Επίσης προβλέπονται νέα κίνητρα δια την εγκατάστασιν βιομηχανιών εις τας επαρχίας, εκτός της περιοχής της πρωτευούσης, και ειδικαί ρυθμίσεις δια την χρηματοδότησιν αυτών υπό των τραπεζών.

κυβερνήσεως, τα όποια θα μεσολαβή εις τους ενδιαφερομένους και τας αρμοδίας υπηρεσίας, δια την ταχυτέραν διεκπεραίωσιν των αιτήσεων. Επίσης προβλέπονται νέα κίνητρα δια την εγκατάστασιν βιομηχανιών εις τας επαρχίας, εκτός της περιοχής της πρωτευούσης, και ειδικαί ρυθμίσεις δια την

ΩΣ ΑΝΕΚΟΙΝΩΘΗ ΕΙΣ ΛΕΟΠΟΛΝΤΒΙΛ
Κογκολέζοι έτρεμισταί έπεδίωκον δολοφονίαν τού προέδρου Καζαβούμπου
ΤΟΥ ΠΡΩΘΥΠΟΥΡΓΟΥ ΑΝΤΟΥΛΑ ΚΑΙ ΑΛΛΩΝ ΚΥΒΕΡΝΗΤΙΚΩΝ ΠΡΟΣΩΠΙΚΟΤΗΤΩΝ.- ΕΠΡΟΔΟΘΗΣΑΝ ΥΠΟ ΕΝΟΣ ΣΥΝΩΜΟΤΟΥ
Ανεκαλύφθη πίναξ μέ τάς προγραφάς

κυβερνήσεως, τα όποια θα μεσολαβή εις τους ενδιαφερομένους και τας αρμοδίας υπηρεσίας, δια την ταχυτέραν διεκπεραίωσιν των αιτήσεων. Επίσης προβλέπονται νέα κίνητρα δια την εγκατάστασιν βιομηχανιών εις τας επαρχίας, εκτός της περιοχής της πρωτευούσης, και ειδικαί ρυθμίσεις δια την χρηματοδότησιν αυτών υπό των τραπεζών.

κυβερνήσεως, τα όποια θα μεσολαβή εις τους ενδιαφερομένους και τας αρμοδίας υπηρεσίας, δια την ταχυτέραν διεκπεραίωσιν των αιτήσεων. Επίσης προβλέπονται νέα κίνητρα δια την εγκατάστασιν βιομηχανιών εις τας επαρχίας, εκτός της περιοχής της πρωτευούσης, και ειδικαί ρυθμίσεις δια την χρηματοδότησιν αυτών υπό των τραπεζών.

κυβερνήσεως, τα όποια θα μεσολαβή εις τους ενδιαφερομένους και τας αρμοδίας υπηρεσίας, δια την ταχυτέραν διεκπεραίωσιν των αιτήσεων. Επίσης προβλέπονται νέα κίνητρα δια την εγκατάστασιν βιομηχανιών εις τας επαρχίας, εκτός της περιοχής της πρωτευούσης, και ειδικαί ρυθμίσεις δια την χρηματοδότησιν αυτών υπό των τραπεζών.

κυβερνήσεως, τα όποια θα μεσολαβή εις τους ενδιαφερομένους και τας αρμοδίας υπηρεσίας, δια την ταχυτέραν διεκπεραίωσιν των αιτήσεων. Επίσης προβλέπονται νέα κίνητρα δια την εγκατάστασιν βιομηχανιών εις τας επαρχίας, εκτός της περιοχής της πρωτευούσης, και ειδικαί ρυθμίσεις δια την χρηματοδότησιν αυτών υπό των τραπεζών.

κυβερνήσεως, τα όποια θα μεσολαβή εις τους ενδιαφερομένους και τας αρμοδίας υπηρεσίας, δια την ταχυτέραν διεκπεραίωσιν των αιτήσεων. Επίσης προβλέπονται νέα κίνητρα δια την εγκατάστασιν βιομηχανιών εις τας επαρχίας, εκτός της περιοχής της πρωτευούσης, και ειδικαί ρυθμίσεις δια την χρηματοδότησιν αυτών υπό των τραπεζών.

κυβερνήσεως, τα όποια θα μεσολαβή εις τους ενδιαφερομένους και τας αρμοδίας υπηρεσίας, δια την ταχυτέραν διεκπεραίωσιν των αιτήσεων. Επίσης προβλέπονται νέα

Συνεχίζεται ή άνθελληνική έκστρατεία
Άπελάθη έκ Τουρκίας καί εἰς Έλλην ἱερεύς
ΜΕ ΤΗΝ ΓΝΩΣΤΗΝ ΚΑΤΗΓΟΡΙΑΝ
ΤΟΥ «ΠΑΡΑΝΟΜΟΥ ΕΠΑΓΓΕΛΜΑΤΟΣ»
ΑΝΑΜΕΝΟΝΤΑΙ ΚΑΙ ΑΛΛΑΙ ΑΠΕΛΑΣΕΙΣ

κυβερνήσεως, τα όποια θα μεσολαβή εις τους ενδιαφερομένους και τας αρμοδίας υπηρεσίας, δια την ταχυτέραν διεκπεραίωσιν των αιτήσεων. Επίσης προβλέπονται νέα κίνητρα δια την εγκατάστασιν βιομηχανιών εις τας επαρχίας, εκτός της περιοχής της πρωτευούσης, και ειδικαί ρυθμίσεις δια την χρηματοδότησιν αυτών υπό των τραπεζών.

κυβερνήσεως, τα όποια θα μεσολαβή εις τους ενδιαφερομένους και τας αρμοδίας υπηρεσίας, δια την ταχυτέραν διεκπεραίωσιν των αιτήσεων. Επίσης προβλέπονται νέα κίνητρα δια την εγκατάστασιν βιομηχανιών εις τας επαρχίας, εκτός της περιοχής της πρωτευούσης, και ειδικαί ρυθμίσεις δια την χρηματοδότησιν αυτών υπό των τραπεζών.

κυβερνήσεως, τα όποια θα μεσολαβή εις τους ενδιαφερομένους και τας αρμοδίας υπηρεσίας, δια την ταχυτέραν διεκπεραίωσιν των αιτήσεων. Επίσης προβλέπονται νέα κίνητρα δια την εγκατάστασιν βιομηχανιών εις τας επαρχίας, εκτός της περιοχής της πρωτευούσης, και ειδικαί ρυθμίσεις δια την χρηματοδότησιν αυτών υπό των τραπεζών.

κυβερνήσεως, τα όποια θα μεσολαβή εις τους ενδιαφερομένους και τας αρμοδίας υπηρεσίας, δια την ταχυτέραν διεκπεραίωσιν των αιτήσεων. Επίσης προβλέπονται νέα κίνητρα δια την εγκατάστασιν βιομηχανιών εις τας επαρχίας, εκτός της περιοχής της πρωτευούσης, και ειδικαί ρυθμίσεις δια την χρηματοδότησιν αυτών υπό των τραπεζών.

κυβερνήσεως, τα όποια θα μεσολαβή εις τους ενδιαφερομένους και τας αρμοδίας υπηρεσίας, δια την ταχυτέραν διεκπεραίωσιν των αιτήσεων. Επίσης προβλέπονται νέα κίνητρα δια την εγκατάστασιν

Πρός προετοιμασίαν μακρυνής πτήσεως
ΑΥΤΟΜΑΤΟΝ ΔΙΑΣΤΗΜΙΚΟΝ ΣΤΑΘΜΟΝ ΕΞΕΤΟΞΕΥΣΕΝ Η ΣΟΒΙΕΤΙΚΗ ΕΝΩΣΙΣ
Τόν έθεσεν εἰς τροχιάν μέ τήν βοήθειαν πολυώροφου πυραύλου καί τεχνητού δορυφόρου
ΜΕΤΑΔΙΔΟΝΤΑΙ ΣΗΜΑΤΑ ΕΙΣ ΤΗΝ ΓΗΝ

κυβερνήσεως, τα όποια θα μεσολαβή εις τους ενδιαφερομένους και τας αρμοδίας υπηρεσίας, δια την ταχυτέραν διεκπεραίωσιν των αιτήσεων. Επίσης προβλέπονται νέα κίνητρα δια την εγκατάστασιν βιομηχανιών εις τας επαρχίας, εκτός της περιοχής της πρωτευούσης, και ειδικαί ρυθμίσεις δια την χρηματοδότησιν αυτών υπό των τραπεζών.

κυβερνήσεως, τα όποια θα μεσολαβή εις τους ενδιαφερομένους και τας αρμοδίας υπηρεσίας, δια την ταχυτέραν διεκπεραίωσιν των αιτήσεων. Επίσης προβλέπονται νέα κίνητρα δια την εγκατάστασιν βιομηχανιών εις τας επαρχίας, εκτός της περιοχής της πρωτευούσης, και ειδικαί ρυθμίσεις δια την χρηματοδότησιν αυτών υπό των τραπεζών.

κυβερνήσεως, τα όποια θα μεσολαβή εις τους ενδιαφερομένους και τας αρμοδίας υπηρεσίας, δια την ταχυτέραν διεκπεραίωσιν των αιτήσεων. Επίσης προβλέπονται νέα κίνητρα δια την εγκατάστασιν βιομηχανιών εις τας επαρχίας, εκτός της περιοχής της πρωτευούσης, και ειδικαί ρυθμίσεις δια την χρηματοδότησιν αυτών υπό των τραπεζών.

κυβερνήσεως, τα όποια θα μεσολαβή εις τους ενδιαφερομένους και τας αρμοδίας υπηρεσίας, δια την ταχυτέραν διεκπεραίωσιν των αιτήσεων. Επίσης προβλέπονται νέα κίνητρα δια την εγκατάστασιν βιομηχανιών εις τας επαρχίας, εκτός της περιοχής της πρωτευούσης, και ειδικαί ρυθμίσεις δια την χρηματοδότησιν αυτών υπό των τραπεζών.

ΔΙΑ ΤΟΥ ΠΡΕΣΒΕΥΤΟΥ ΤΗΣ
ΕΝΤΟΝΟΣ ΔΙΑΜΑΡΤΥΡΙΑ ΤΗΣ ΦΟΡΜΟΖΗΣ ΠΡΟΣ ΤΟ ΣΤΑΙΗΤ ΝΤΗΠΑΡΤΜΕΝΤ ΔΙΑ ΤΑΣ ΔΗΛΩΣΕΙΣ ΤΟΥ Κ. ΦΟΥΛΜΠΡΑΪΤ
Ο Κ. ΡΑΣΚ ΚΑΘΗΣΥΧΑΣΕ ΤΗΝ ΚΥΒΕΡΝΗΣΙΝ ΤΣΑΓΚ ΚΑΪ ΣΕΚ ΔΙΑ ΤΑΣ ΠΡΑΓΜΑΤΙΚΑΣ ΠΡΟΘΕΣΕΙΣ ΤΗΣ ΟΥΑΣΙΓΚΤΩΝ.-

κυβερνήσεως, τα όποια θα μεσολαβή εις τους ενδιαφερομένους και τας αρμοδίας υπηρεσίας, δια την ταχυτέραν διεκπεραίωσιν των αιτήσεων. Επίσης προβλέπονται νέα κίνητρα δια την εγκατάστασιν βιομηχανιών εις τας επαρχίας, εκτός της περιοχής της πρωτευούσης, και ειδικαί ρυθμίσεις δια την χρηματοδότησιν αυτών υπό των τραπεζών.

κυβερνήσεως, τα όποια θα μεσολαβή εις τους ενδιαφερομένους και τας αρμοδίας υπηρεσίας, δια την ταχυτέραν διεκπεραίωσιν των αιτήσεων. Επίσης προβλέπονται νέα κίνητρα δια την εγκατάστασιν βιομηχανιών εις τας επαρχίας, εκτός της περιοχής της πρωτευούσης, και ειδικαί ρυθμίσεις δια την χρηματοδότησιν αυτών υπό των τραπεζών.

κυβερνήσεως, τα όποια θα μεσολαβή εις τους ενδιαφερομένους και τας αρμοδίας υπηρεσίας, δια την ταχυτέραν διεκπεραίωσιν των αιτήσεων. Επίσης προβλέπονται νέα κίνητρα δια την εγκατάστασιν βιομηχανιών εις τας επαρχίας, εκτός της περιοχής της πρωτευούσης, και ειδικαί ρυθμίσεις δια την χρηματοδότησιν αυτών υπό των τραπεζών.

κυβερνήσεως, τα όποια θα μεσολαβή εις τους ενδιαφερομένους και τας αρμοδίας υπηρεσίας, δια την ταχυτέραν διεκπεραίωσιν των αιτήσεων. Επίσης προβλέπονται νέα κίνητρα δια την εγκατάστασιν βιομηχανιών εις τας επαρχίας, εκτός της περιοχής της πρωτευούσης, και ειδικαί ρυθμίσεις δια την χρηματοδότησιν αυτών υπό των τραπεζών.

κυβερνήσεως, τα όποια θα μεσολαβή εις τους ενδιαφερομένους και τας αρμοδίας υπηρεσίας, δια την ταχυτέραν διεκπεραίωσιν των αιτήσεων. Επίσης προβλέπονται νέα κίνητρα δια την εγκατάστασιν βιομηχανιών εις τας επαρχίας, εκτός της περιοχής της πρωτευούσης, και ειδικαί ρυθμίσεις δια την χρηματοδότησιν αυτών υπό των τραπεζών.

κυβερνήσεως, τα όποια θα μεσολαβή εις τους ενδιαφερομένους και τας αρμοδίας υπηρεσίας, δια την ταχυτέραν διεκπεραίωσιν των αιτήσεων. Επίσης προβλέπονται νέα κίνητρα δια την εγκατάστασιν βιομηχανιών εις τας επαρχίας, εκτός της περιοχής της πρωτευούσης, και ειδικαί ρυθμίσεις δια την χρηματοδότησιν αυτών υπό των τραπεζών.

κυβερνήσεως, τα όποια θα μεσολαβή εις τους ενδιαφερομένους και τας αρμοδίας υπηρεσίας, δια την ταχυτέραν διεκπεραίωσιν των αιτήσεων. Επίσης προβλέπονται νέα κίνητρα δια την εγκατάστασιν βιομηχανιών εις τας επαρχίας, εκτός της περιοχής της πρωτευούσης, και ειδικαί ρυθμίσεις δια την χρηματοδότησιν αυτών υπό των τραπεζών.

Η ΜΕΓ. ΒΡΕΤΑΝΝΙΑ ΚΑΙ ΠΑΡΟΤΡΥΝΟΥΝ ΤΟΥΣ ΗΓΕΤΑΣ ΤΟΥ ΛΑΟΥ
Η ΣΟΒΙΕΤΙΚΗ ΕΝΩΣΙΣ ΕΙΣ ΤΡΙΜΕΡΗ ΔΙΑΣΚΕΨΙΝ ΤΟ ΣΥΝΤΟΜΩΤΕΡΟΝ

κυβερνήσεως, τα όποια θα μεσολαβή εις τους ενδιαφερομένους και τας αρμοδίας υπηρεσίας, δια την ταχυτέραν διεκπεραίωσιν των αιτήσεων. Επίσης προβλέπονται νέα κίνητρα δια την εγκατάστασιν βιομηχανιών εις τας επαρχίας, εκτός της περιοχής της πρωτευούσης, και ειδικαί ρυθμίσεις δια την χρηματοδότησιν αυτών υπό των τραπεζών.

κυβερνήσεως, τα όποια θα μεσολαβή εις τους ενδιαφερομένους και τας αρμοδίας υπηρεσίας, δια την ταχυτέραν διεκπεραίωσιν των αιτήσεων. Επίσης προβλέπονται νέα κίνητρα δια την εγκατάστασιν βιομηχανιών εις τας επαρχίας, εκτός της περιοχής της πρωτευούσης, και ειδικαί ρυθμίσεις δια την χρηματοδότησιν αυτών υπό των τραπεζών.

κυβερνήσεως, τα όποια θα μεσολαβή εις τους ενδιαφερομένους και τας αρμοδίας υπηρεσίας, δια την ταχυτέραν διεκπεραίωσιν των αιτήσεων. Επίσης προβλέπονται νέα κίνητρα δια την εγκατάστασιν βιομηχανιών εις τας επαρχίας, εκτός της περιοχής της πρωτευούσης, και ειδικαί ρυθμίσεις δια την χρηματοδότησιν αυτών υπό των τραπεζών.

κυβερνήσεως, τα όποια θα μεσολαβή εις τους ενδιαφερομένους και τας αρμοδίας υπηρεσίας, δια την ταχυτέραν διεκπεραίωσιν των αιτήσεων. Επίσης προβλέπονται νέα κίνητρα δια την εγκατάστασιν βιομηχανιών εις τας επαρχίας, εκτός της περιοχής της πρωτευούσης, και ειδικαί ρυθμίσεις δια την χρηματοδότησιν αυτών υπό των τραπεζών.

κυβερνήσεως, τα όποια θα μεσολαβή εις τους ενδιαφερομένους και τας αρμοδίας υπηρεσίας, δια την ταχυτέραν διεκπεραίωσιν των αιτήσεων. Επίσης προβλέπονται νέα κίνητρα δια την εγκατάστασιν βιομηχανιών εις τας επαρχίας, εκτός της περιοχής της πρωτευούσης, και ειδικαί ρυθμίσεις δια την χρηματοδότησιν αυτών υπό των τραπεζών.

κυβερνήσεως, τα όποια θα μεσολαβή εις τους ενδιαφερομένους και τας αρμοδίας υπηρεσίας, δια την ταχυτέραν διεκπεραίωσιν των αιτήσεων. Επίσης προβλέπονται νέα κίνητρα δια την εγκατάστασιν βιομηχανιών εις τας επαρχίας, εκτός της περιοχής της πρωτευούσης, και ειδικαί ρυθμίσεις δια την χρηματοδότησιν αυτών υπό των τραπεζών.

κυβερνήσεως, τα όποια θα μεσολαβή εις τους ενδιαφερομένους και τας αρμοδίας υπηρεσίας, δια την ταχυτέραν διεκπεραίωσιν των αιτήσεων. Επίσης προβλέπονται νέα κίνητρα δια την εγκατάστασιν
